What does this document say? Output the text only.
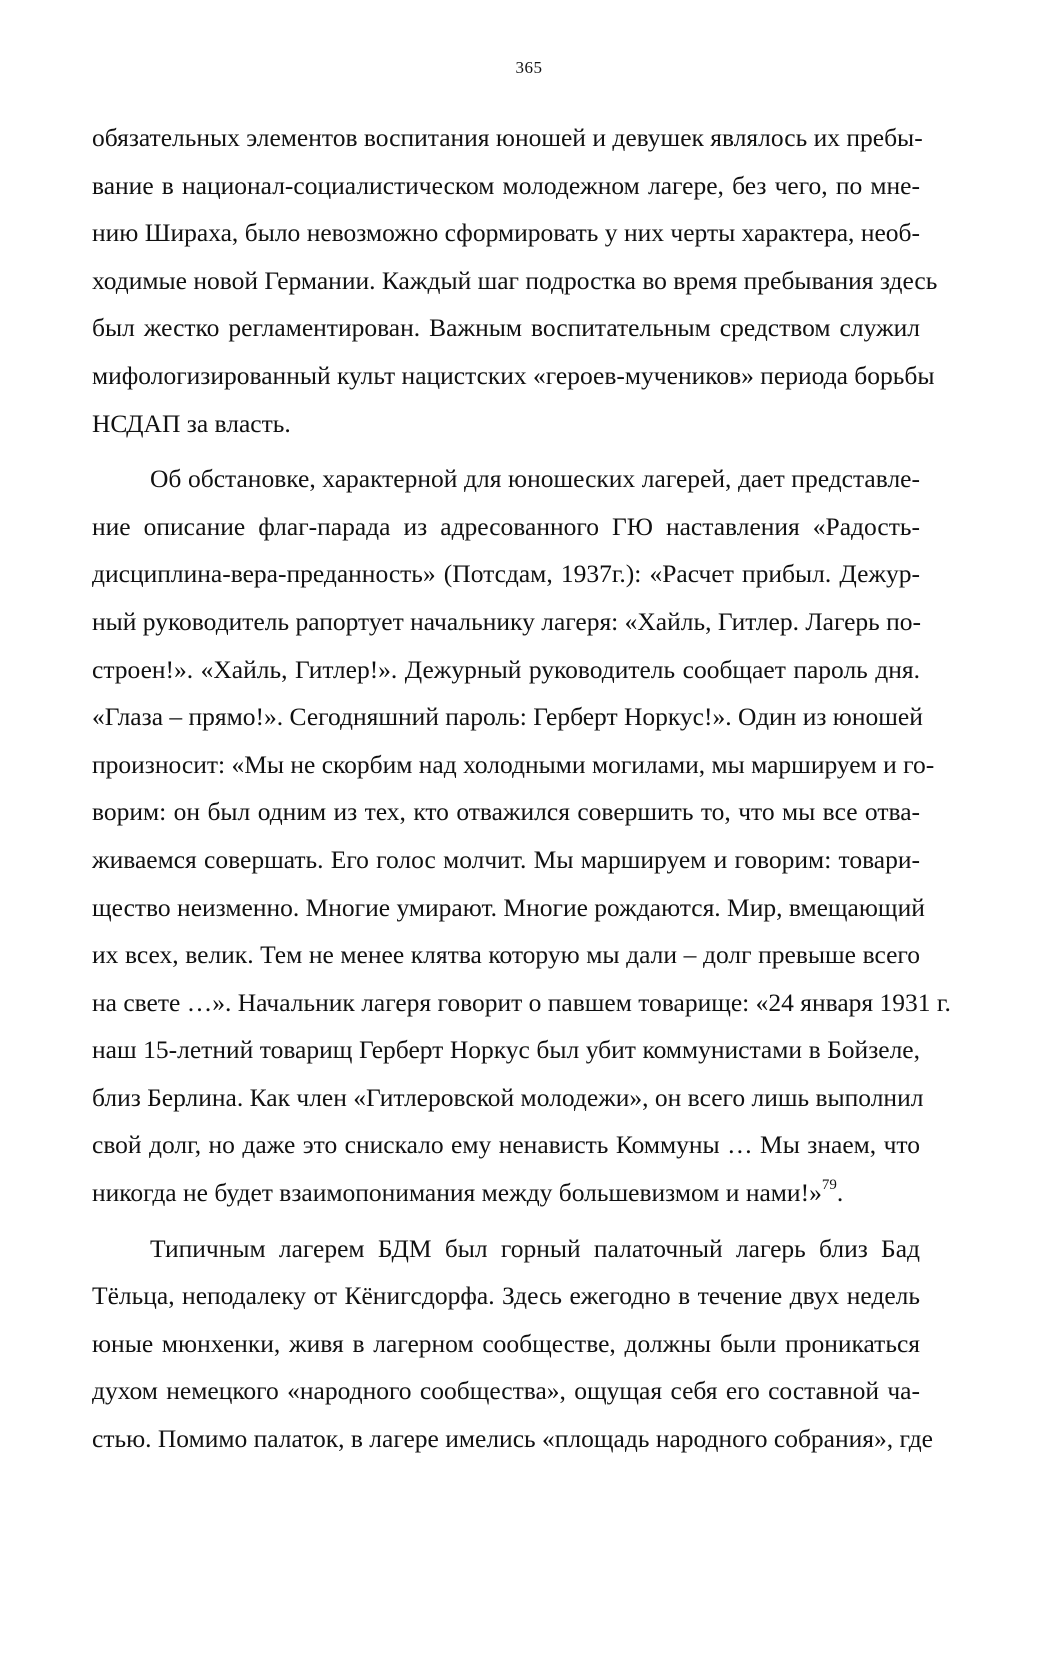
365
обязательных элементов воспитания юношей и девушек являлось их пребы-
вание в национал-социалистическом молодежном лагере, без чего, по мне-
нию Шираха, было невозможно сформировать у них черты характера, необ-
ходимые новой Германии. Каждый шаг подростка во время пребывания здесь
был жестко регламентирован. Важным воспитательным средством служил
мифологизированный культ нацистских «героев-мучеников» периода борьбы
НСДАП за власть.
Об обстановке, характерной для юношеских лагерей, дает представле-
ние описание флаг-парада из адресованного ГЮ наставления «Радость-
дисциплина-вера-преданность» (Потсдам, 1937г.): «Расчет прибыл. Дежур-
ный руководитель рапортует начальнику лагеря: «Хайль, Гитлер. Лагерь по-
строен!». «Хайль, Гитлер!». Дежурный руководитель сообщает пароль дня.
«Глаза – прямо!». Сегодняшний пароль: Герберт Норкус!». Один из юношей
произносит: «Мы не скорбим над холодными могилами, мы маршируем и го-
ворим: он был одним из тех, кто отважился совершить то, что мы все отва-
живаемся совершать. Его голос молчит. Мы маршируем и говорим: товари-
щество неизменно. Многие умирают. Многие рождаются. Мир, вмещающий
их всех, велик. Тем не менее клятва которую мы дали – долг превыше всего
на свете …». Начальник лагеря говорит о павшем товарище: «24 января 1931 г.
наш 15-летний товарищ Герберт Норкус был убит коммунистами в Бойзеле,
близ Берлина. Как член «Гитлеровской молодежи», он всего лишь выполнил
свой долг, но даже это снискало ему ненависть Коммуны … Мы знаем, что
никогда не будет взаимопонимания между большевизмом и нами!»$^{79}$.
Типичным лагерем БДМ был горный палаточный лагерь близ Бад
Тёльца, неподалеку от Кёнигсдорфа. Здесь ежегодно в течение двух недель
юные мюнхенки, живя в лагерном сообществе, должны были проникаться
духом немецкого «народного сообщества», ощущая себя его составной ча-
стью. Помимо палаток, в лагере имелись «площадь народного собрания», где
